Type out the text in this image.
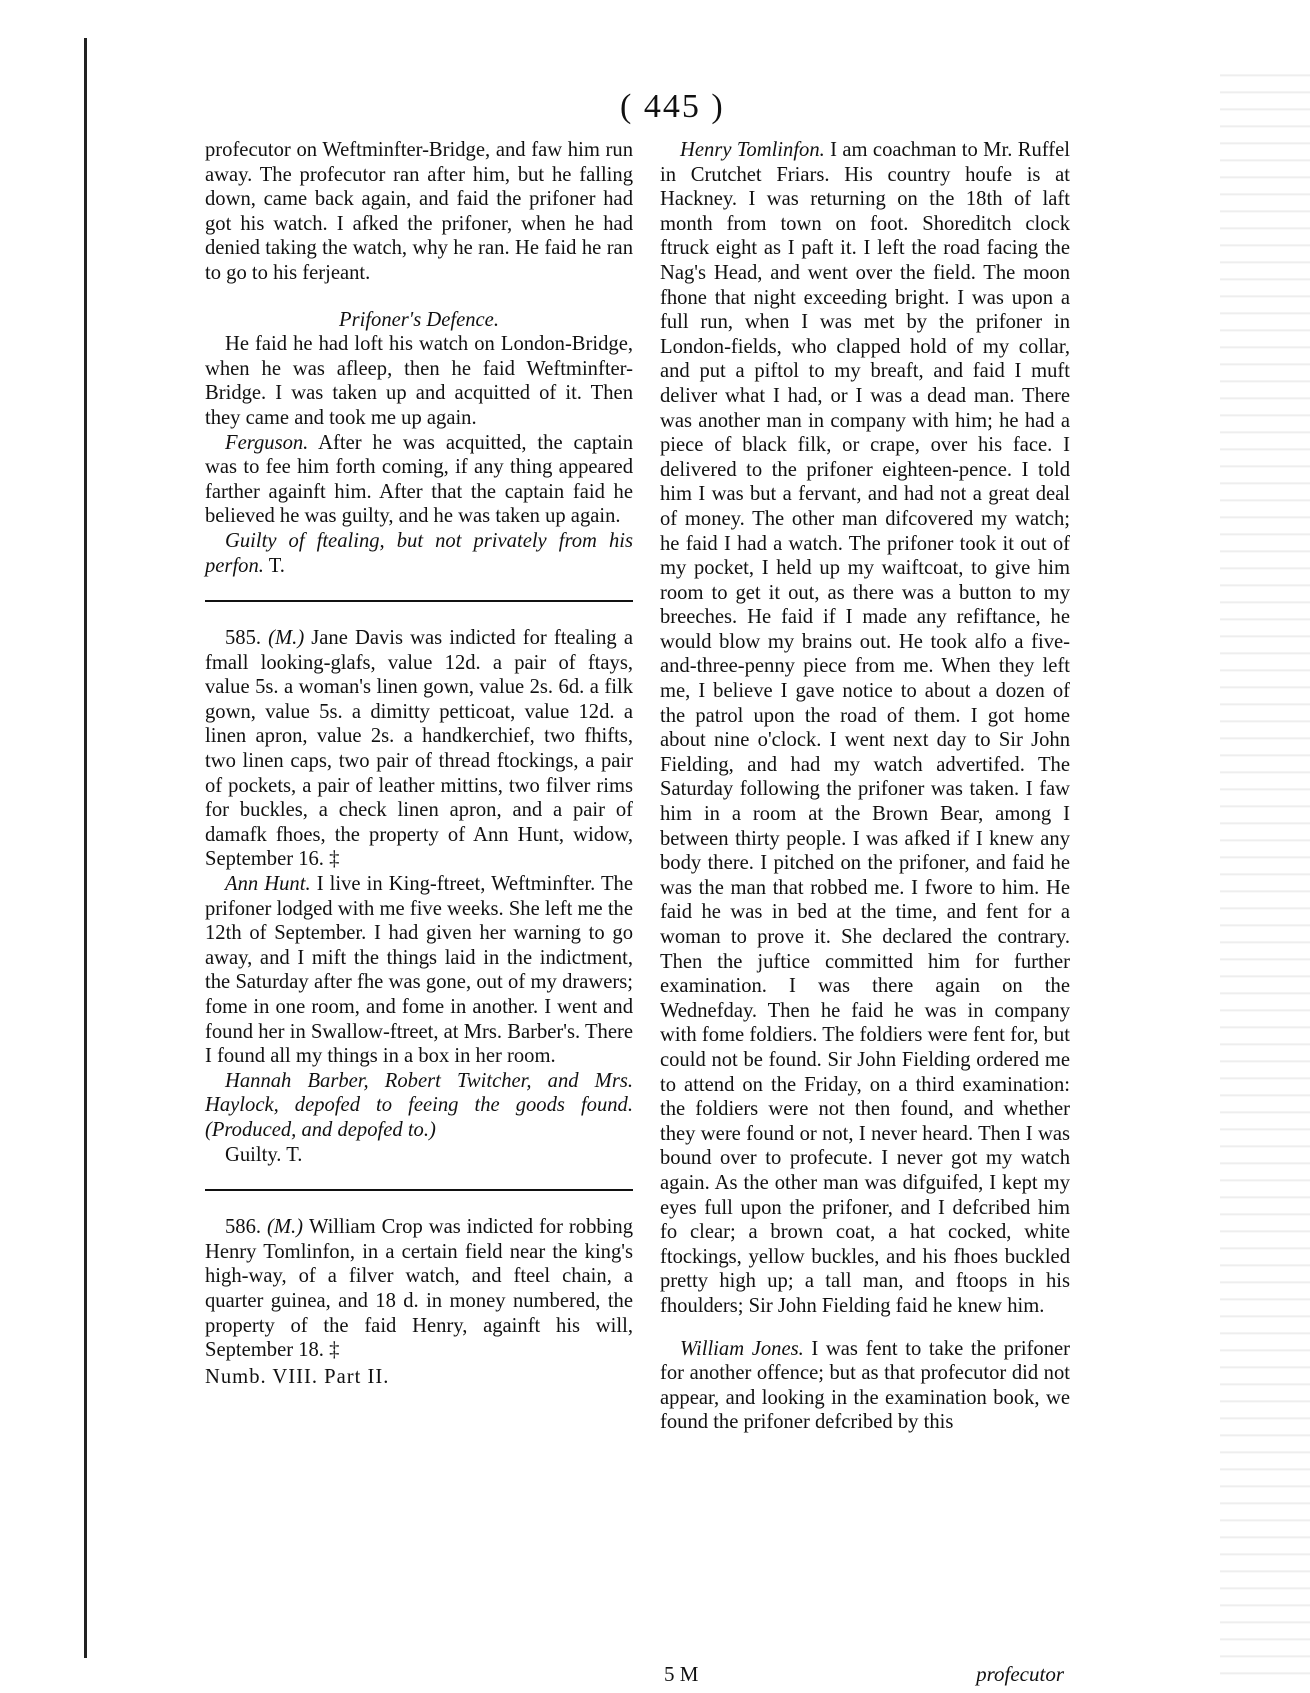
( 445 )

profecutor on Weftminfter-Bridge, and faw him run away. The profecutor ran after him, but he falling down, came back again, and faid the prifoner had got his watch. I afked the prifoner, when he had denied taking the watch, why he ran. He faid he ran to go to his ferjeant.

Prifoner's Defence.

He faid he had loft his watch on London-Bridge, when he was afleep, then he faid Weftminfter-Bridge. I was taken up and acquitted of it. Then they came and took me up again.

Ferguson. After he was acquitted, the captain was to fee him forth coming, if any thing appeared farther againft him. After that the captain faid he believed he was guilty, and he was taken up again.

Guilty of ftealing, but not privately from his perfon. T.

585. (M.) Jane Davis was indicted for ftealing a fmall looking-glafs, value 12d. a pair of ftays, value 5s. a woman's linen gown, value 2s. 6d. a filk gown, value 5s. a dimitty petticoat, value 12d. a linen apron, value 2s. a handkerchief, two fhifts, two linen caps, two pair of thread ftockings, a pair of pockets, a pair of leather mittins, two filver rims for buckles, a check linen apron, and a pair of damafk fhoes, the property of Ann Hunt, widow, September 16. ‡

Ann Hunt. I live in King-ftreet, Weftminfter. The prifoner lodged with me five weeks. She left me the 12th of September. I had given her warning to go away, and I mift the things laid in the indictment, the Saturday after fhe was gone, out of my drawers; fome in one room, and fome in another. I went and found her in Swallow-ftreet, at Mrs. Barber's. There I found all my things in a box in her room.

Hannah Barber, Robert Twitcher, and Mrs. Haylock, depofed to feeing the goods found. (Produced, and depofed to.)

Guilty. T.

586. (M.) William Crop was indicted for robbing Henry Tomlinfon, in a certain field near the king's high-way, of a filver watch, and fteel chain, a quarter guinea, and 18 d. in money numbered, the property of the faid Henry, againft his will, September 18. ‡

Numb. VIII. Part II.

Henry Tomlinfon. I am coachman to Mr. Ruffel in Crutchet Friars. His country houfe is at Hackney. I was returning on the 18th of laft month from town on foot. Shoreditch clock ftruck eight as I paft it. I left the road facing the Nag's Head, and went over the field. The moon fhone that night exceeding bright. I was upon a full run, when I was met by the prifoner in London-fields, who clapped hold of my collar, and put a piftol to my breaft, and faid I muft deliver what I had, or I was a dead man. There was another man in company with him; he had a piece of black filk, or crape, over his face. I delivered to the prifoner eighteen-pence. I told him I was but a fervant, and had not a great deal of money. The other man difcovered my watch; he faid I had a watch. The prifoner took it out of my pocket, I held up my waiftcoat, to give him room to get it out, as there was a button to my breeches. He faid if I made any refiftance, he would blow my brains out. He took alfo a five-and-three-penny piece from me. When they left me, I believe I gave notice to about a dozen of the patrol upon the road of them. I got home about nine o'clock. I went next day to Sir John Fielding, and had my watch advertifed. The Saturday following the prifoner was taken. I faw him in a room at the Brown Bear, among I between thirty people. I was afked if I knew any body there. I pitched on the prifoner, and faid he was the man that robbed me. I fwore to him. He faid he was in bed at the time, and fent for a woman to prove it. She declared the contrary. Then the juftice committed him for further examination. I was there again on the Wednefday. Then he faid he was in company with fome foldiers. The foldiers were fent for, but could not be found. Sir John Fielding ordered me to attend on the Friday, on a third examination: the foldiers were not then found, and whether they were found or not, I never heard. Then I was bound over to profecute. I never got my watch again. As the other man was difguifed, I kept my eyes full upon the prifoner, and I defcribed him fo clear; a brown coat, a hat cocked, white ftockings, yellow buckles, and his fhoes buckled pretty high up; a tall man, and ftoops in his fhoulders; Sir John Fielding faid he knew him.

William Jones. I was fent to take the prifoner for another offence; but as that profecutor did not appear, and looking in the examination book, we found the prifoner defcribed by this

5 M	profecutor
